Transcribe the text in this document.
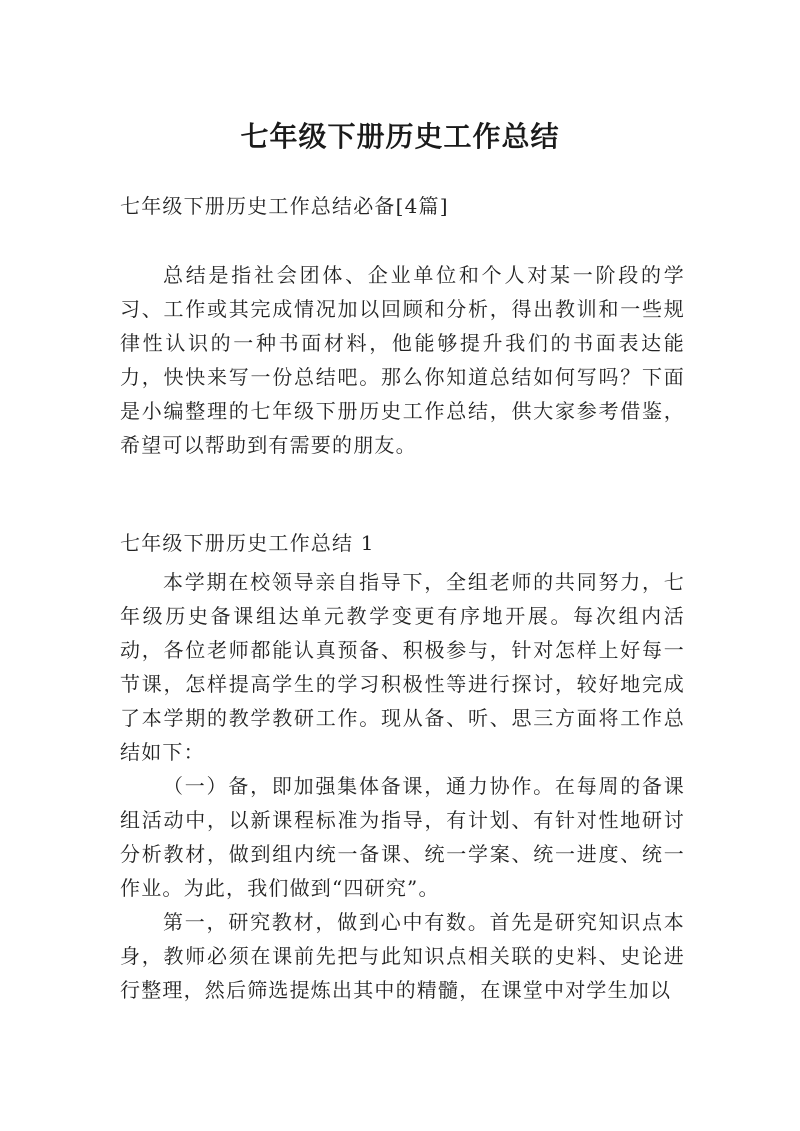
七年级下册历史工作总结
七年级下册历史工作总结必备[4篇]

总结是指社会团体、企业单位和个人对某一阶段的学习、工作或其完成情况加以回顾和分析，得出教训和一些规律性认识的一种书面材料，他能够提升我们的书面表达能力，快快来写一份总结吧。那么你知道总结如何写吗？下面是小编整理的七年级下册历史工作总结，供大家参考借鉴，希望可以帮助到有需要的朋友。

七年级下册历史工作总结 1

本学期在校领导亲自指导下，全组老师的共同努力，七年级历史备课组达单元教学变更有序地开展。每次组内活动，各位老师都能认真预备、积极参与，针对怎样上好每一节课，怎样提高学生的学习积极性等进行探讨，较好地完成了本学期的教学教研工作。现从备、听、思三方面将工作总结如下：

（一）备，即加强集体备课，通力协作。在每周的备课组活动中，以新课程标准为指导，有计划、有针对性地研讨分析教材，做到组内统一备课、统一学案、统一进度、统一作业。为此，我们做到“四研究”。

第一，研究教材，做到心中有数。首先是研究知识点本身，教师必须在课前先把与此知识点相关联的史料、史论进行整理，然后筛选提炼出其中的精髓，在课堂中对学生加以
